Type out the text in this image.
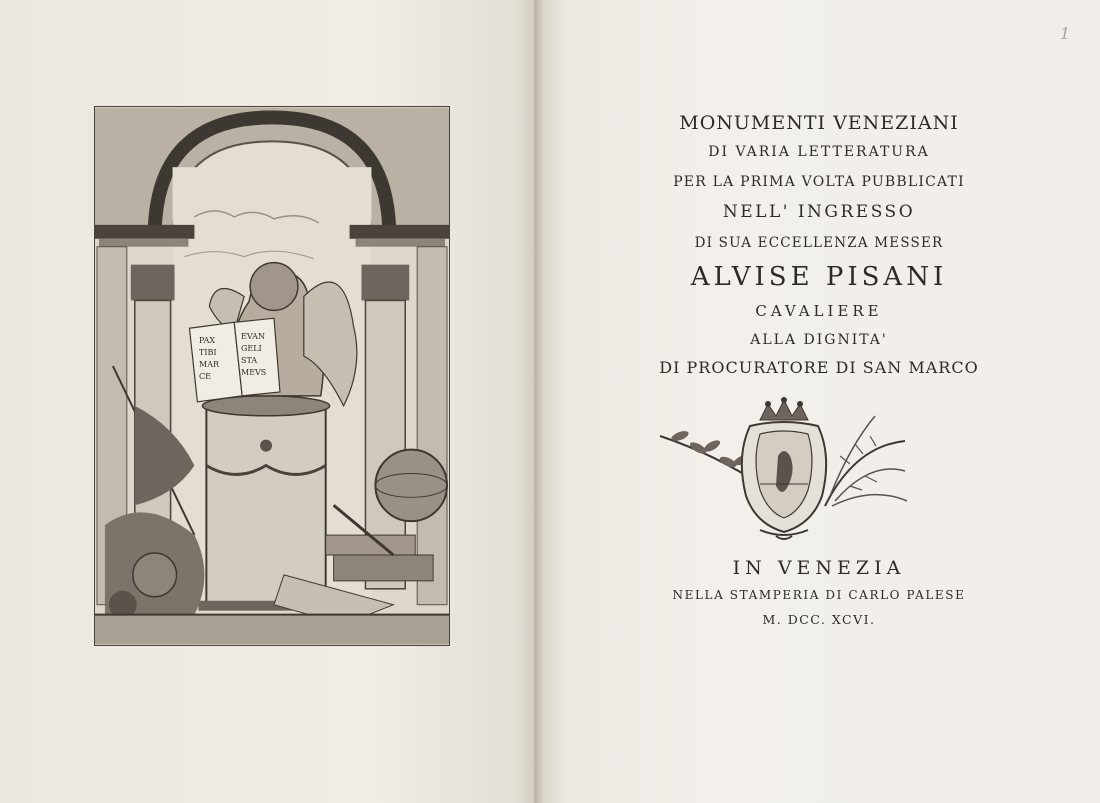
PAX
TIBI
MAR
CE
EVAN
GELI
STA
MEVS
1
MONUMENTI VENEZIANI
DI VARIA LETTERATURA
PER LA PRIMA VOLTA PUBBLICATI
NELL' INGRESSO
DI SUA ECCELLENZA MESSER
ALVISE PISANI
CAVALIERE
ALLA DIGNITA'
DI PROCURATORE DI SAN MARCO
IN VENEZIA
NELLA STAMPERIA DI CARLO PALESE
M. DCC. XCVI.
